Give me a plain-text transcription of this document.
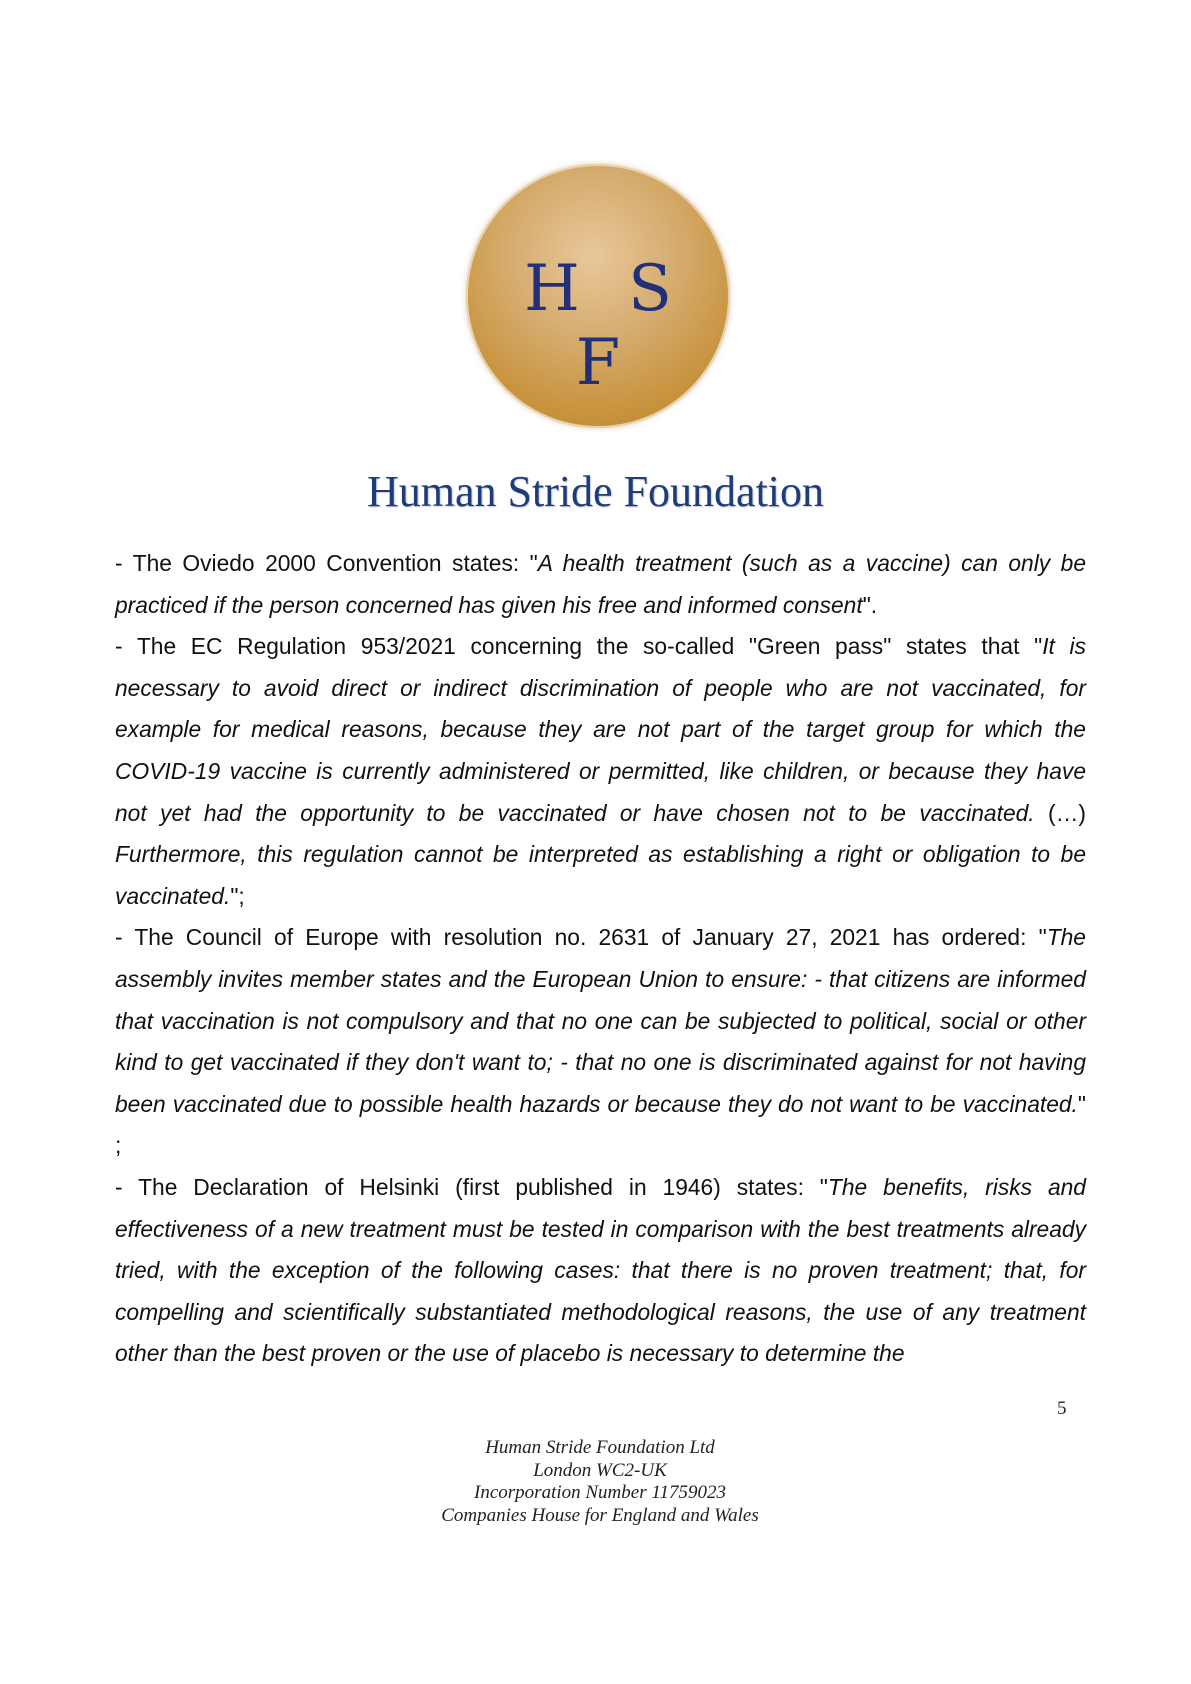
H S F
Human Stride Foundation

- The Oviedo 2000 Convention states: "A health treatment (such as a vaccine) can only be practiced if the person concerned has given his free and informed consent".

- The EC Regulation 953/2021 concerning the so-called "Green pass" states that "It is necessary to avoid direct or indirect discrimination of people who are not vaccinated, for example for medical reasons, because they are not part of the target group for which the COVID-19 vaccine is currently administered or permitted, like children, or because they have not yet had the opportunity to be vaccinated or have chosen not to be vaccinated. (…) Furthermore, this regulation cannot be interpreted as establishing a right or obligation to be vaccinated.";

- The Council of Europe with resolution no. 2631 of January 27, 2021 has ordered: "The assembly invites member states and the European Union to ensure: - that citizens are informed that vaccination is not compulsory and that no one can be subjected to political, social or other kind to get vaccinated if they don't want to; - that no one is discriminated against for not having been vaccinated due to possible health hazards or because they do not want to be vaccinated." ;

- The Declaration of Helsinki (first published in 1946) states: "The benefits, risks and effectiveness of a new treatment must be tested in comparison with the best treatments already tried, with the exception of the following cases: that there is no proven treatment; that, for compelling and scientifically substantiated methodological reasons, the use of any treatment other than the best proven or the use of placebo is necessary to determine the

5
Human Stride Foundation Ltd
London WC2-UK
Incorporation Number 11759023
Companies House for England and Wales
